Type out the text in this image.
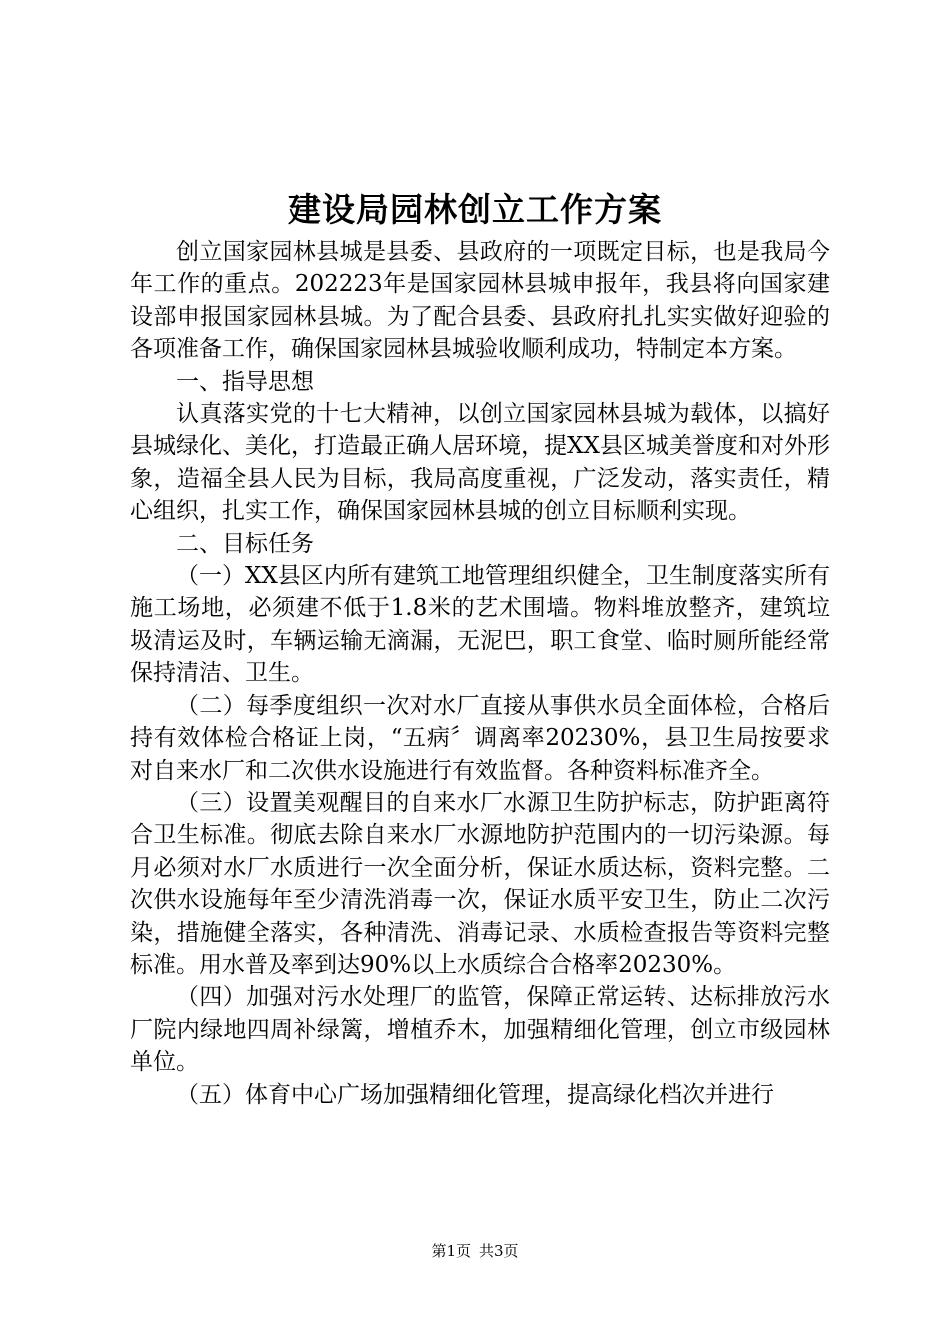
建设局园林创立工作方案

创立国家园林县城是县委、县政府的一项既定目标，也是我局今年工作的重点。202223年是国家园林县城申报年，我县将向国家建设部申报国家园林县城。为了配合县委、县政府扎扎实实做好迎验的各项准备工作，确保国家园林县城验收顺利成功，特制定本方案。

一、指导思想

认真落实党的十七大精神，以创立国家园林县城为载体，以搞好县城绿化、美化，打造最正确人居环境，提XX县区城美誉度和对外形象，造福全县人民为目标，我局高度重视，广泛发动，落实责任，精心组织，扎实工作，确保国家园林县城的创立目标顺利实现。

二、目标任务

（一）XX县区内所有建筑工地管理组织健全，卫生制度落实所有施工场地，必须建不低于1.8米的艺术围墙。物料堆放整齐，建筑垃圾清运及时，车辆运输无滴漏，无泥巴，职工食堂、临时厕所能经常保持清洁、卫生。

（二）每季度组织一次对水厂直接从事供水员全面体检，合格后持有效体检合格证上岗，“五病〞调离率20230%，县卫生局按要求对自来水厂和二次供水设施进行有效监督。各种资料标准齐全。

（三）设置美观醒目的自来水厂水源卫生防护标志，防护距离符合卫生标准。彻底去除自来水厂水源地防护范围内的一切污染源。每月必须对水厂水质进行一次全面分析，保证水质达标，资料完整。二次供水设施每年至少清洗消毒一次，保证水质平安卫生，防止二次污染，措施健全落实，各种清洗、消毒记录、水质检查报告等资料完整标准。用水普及率到达90%以上水质综合合格率20230%。

（四）加强对污水处理厂的监管，保障正常运转、达标排放污水厂院内绿地四周补绿篱，增植乔木，加强精细化管理，创立市级园林单位。

（五）体育中心广场加强精细化管理，提高绿化档次并进行

第1页 共3页
